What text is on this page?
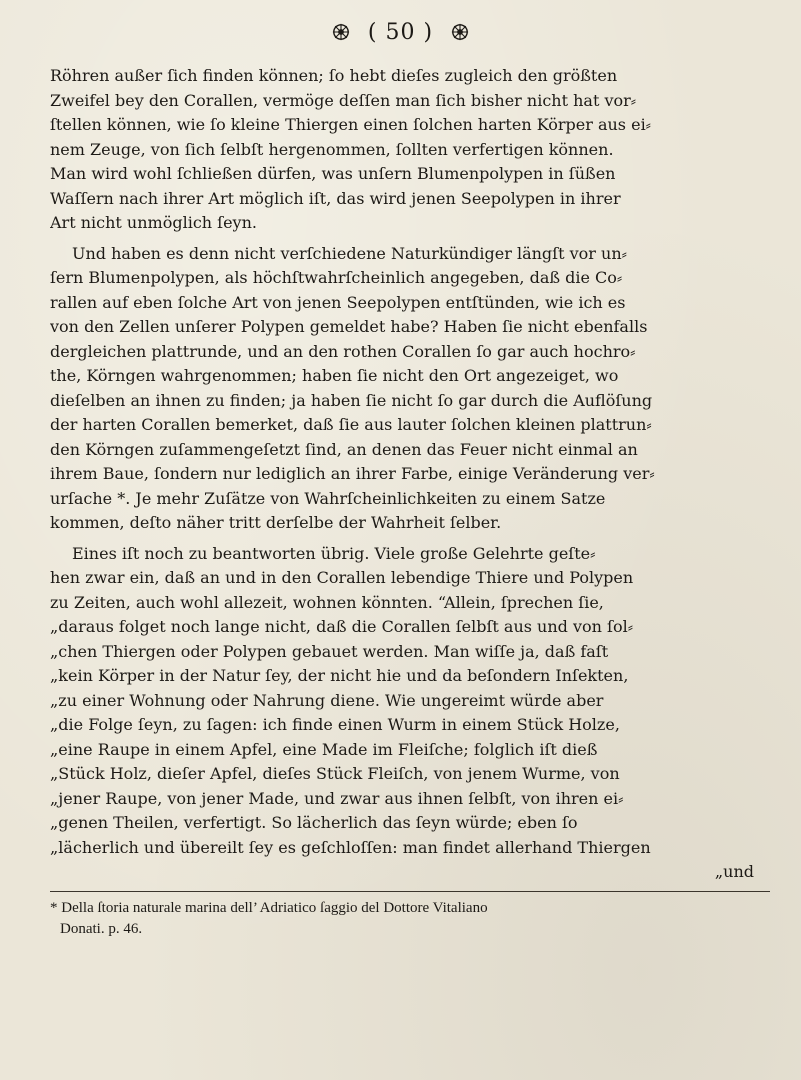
( 50 )
Röhren außer ſich finden können; ſo hebt dieſes zugleich den größten
Zweifel bey den Corallen, vermöge deſſen man ſich bisher nicht hat vor⸗
ſtellen können, wie ſo kleine Thiergen einen ſolchen harten Körper aus ei⸗
nem Zeuge, von ſich ſelbſt hergenommen, ſollten verfertigen können.
Man wird wohl ſchließen dürfen, was unſern Blumenpolypen in ſüßen
Waſſern nach ihrer Art möglich iſt, das wird jenen Seepolypen in ihrer
Art nicht unmöglich ſeyn.
Und haben es denn nicht verſchiedene Naturkündiger längſt vor un⸗
ſern Blumenpolypen, als höchſtwahrſcheinlich angegeben, daß die Co⸗
rallen auf eben ſolche Art von jenen Seepolypen entſtünden, wie ich es
von den Zellen unſerer Polypen gemeldet habe? Haben ſie nicht ebenfalls
dergleichen plattrunde, und an den rothen Corallen ſo gar auch hochro⸗
the, Körngen wahrgenommen; haben ſie nicht den Ort angezeiget, wo
dieſelben an ihnen zu finden; ja haben ſie nicht ſo gar durch die Auflöſung
der harten Corallen bemerket, daß ſie aus lauter ſolchen kleinen plattrun⸗
den Körngen zuſammengeſetzt ſind, an denen das Feuer nicht einmal an
ihrem Baue, ſondern nur lediglich an ihrer Farbe, einige Veränderung ver⸗
urſache *. Je mehr Zuſätze von Wahrſcheinlichkeiten zu einem Satze
kommen, deſto näher tritt derſelbe der Wahrheit ſelber.
Eines iſt noch zu beantworten übrig. Viele große Gelehrte geſte⸗
hen zwar ein, daß an und in den Corallen lebendige Thiere und Polypen
zu Zeiten, auch wohl allezeit, wohnen könnten. “Allein, ſprechen ſie,
„daraus folget noch lange nicht, daß die Corallen ſelbſt aus und von ſol⸗
„chen Thiergen oder Polypen gebauet werden. Man wiſſe ja, daß faſt
„kein Körper in der Natur ſey, der nicht hie und da beſondern Inſekten,
„zu einer Wohnung oder Nahrung diene. Wie ungereimt würde aber
„die Folge ſeyn, zu ſagen: ich finde einen Wurm in einem Stück Holze,
„eine Raupe in einem Apfel, eine Made im Fleiſche; folglich iſt dieß
„Stück Holz, dieſer Apfel, dieſes Stück Fleiſch, von jenem Wurme, von
„jener Raupe, von jener Made, und zwar aus ihnen ſelbſt, von ihren ei⸗
„genen Theilen, verfertigt. So lächerlich das ſeyn würde; eben ſo
„lächerlich und übereilt ſey es geſchloſſen: man findet allerhand Thiergen
„und
* Della ſtoria naturale marina dell’ Adriatico ſaggio del Dottore Vitaliano
Donati. p. 46.
